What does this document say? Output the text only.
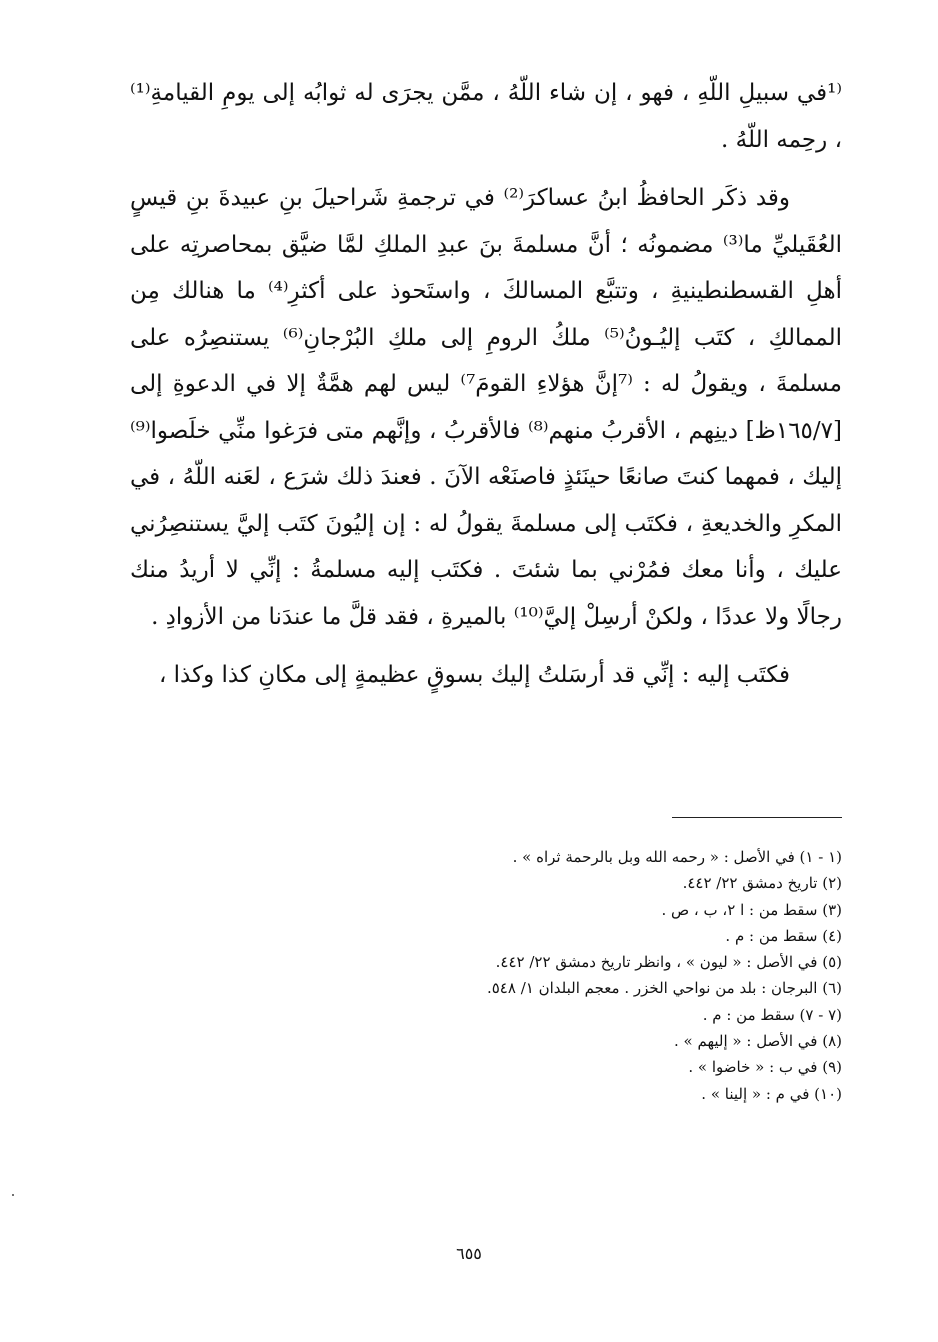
⁽¹في سبيلِ اللّهِ ، فهو ، إن شاء اللّهُ ، ممَّن يجرَى له ثوابُه إلى يومِ القيامةِ⁽¹⁾ ، رحِمه اللّهُ .

وقد ذكَر الحافظُ ابنُ عساكرَ⁽²⁾ في ترجمةِ شَراحيلَ بنِ عبيدةَ بنِ قيسٍ العُقَيليِّ ما⁽³⁾ مضمونُه ؛ أنَّ مسلمةَ بنَ عبدِ الملكِ لمَّا ضيَّق بمحاصرتِه على أهلِ القسطنطينيةِ ، وتتبَّع المسالكَ ، واستَحوذ على أكثرِ⁽⁴⁾ ما هنالك مِن الممالكِ ، كتَب إليُـونُ⁽⁵⁾ ملكُ الرومِ إلى ملكِ البُرْجانِ⁽⁶⁾ يستنصِرُه على مسلمةَ ، ويقولُ له : ⁽⁷إنَّ هؤلاءِ القومَ⁷⁾ ليس لهم همَّةٌ إلا في الدعوةِ إلى [١٦٥/٧ظ] دينِهم ، الأقربُ منهم⁽⁸⁾ فالأقربُ ، وإنَّهم متى فرَغوا منِّي خلَصوا⁽⁹⁾ إليك ، فمهما كنتَ صانعًا حينَئذٍ فاصنَعْه الآنَ . فعندَ ذلك شرَع ، لعَنه اللّهُ ، في المكرِ والخديعةِ ، فكتَب إلى مسلمةَ يقولُ له : إن إليُونَ كتَب إليَّ يستنصِرُني عليك ، وأنا معك فمُرْني بما شئتَ . فكتَب إليه مسلمةُ : إنِّي لا أريدُ منك رجالًا ولا عددًا ، ولكنْ أرسِلْ إليَّ⁽¹⁰⁾ بالميرةِ ، فقد قلَّ ما عندَنا من الأزوادِ .

فكتَب إليه : إنِّي قد أرسَلتُ إليك بسوقٍ عظيمةٍ إلى مكانِ كذا وكذا ،

(١ - ١) في الأصل : « رحمه الله وبل بالرحمة ثراه » .
(٢) تاريخ دمشق ٢٢/ ٤٤٢.
(٣) سقط من : ا ٢، ب ، ص .
(٤) سقط من : م .
(٥) في الأصل : « ليون » ، وانظر تاريخ دمشق ٢٢/ ٤٤٢.
(٦) البرجان : بلد من نواحي الخزر . معجم البلدان ١/ ٥٤٨.
(٧ - ٧) سقط من : م .
(٨) في الأصل : « إليهم » .
(٩) في ب : « خاضوا » .
(١٠) في م : « إلينا » .
٦٥٥
